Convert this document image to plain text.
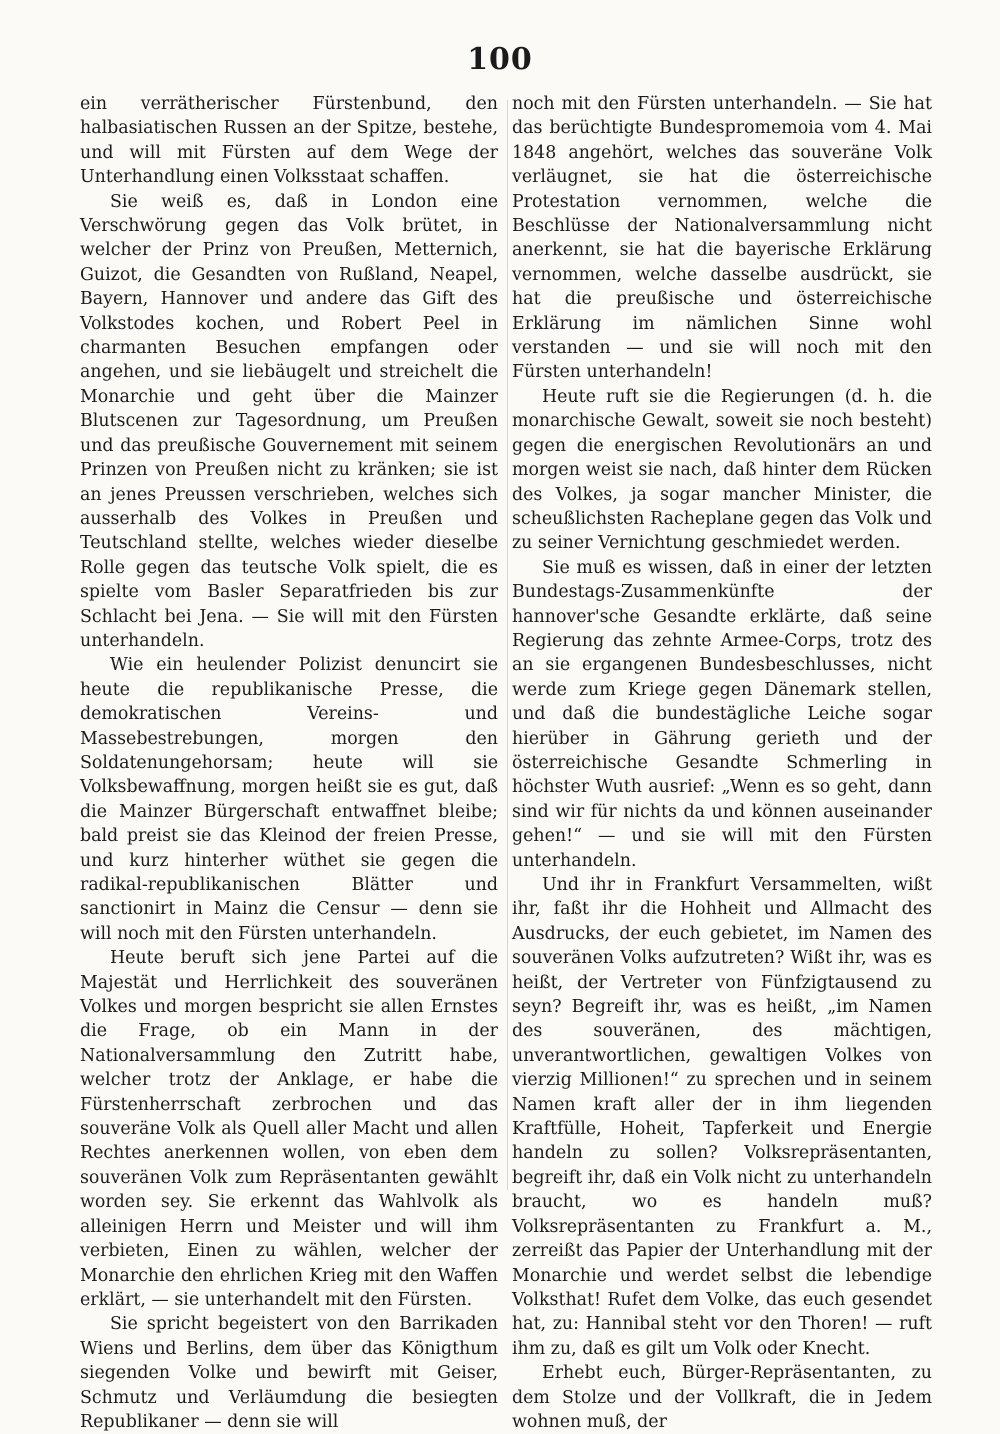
100

ein verrätherischer Fürstenbund, den halbasiatischen Russen an der Spitze, bestehe, und will mit Fürsten auf dem Wege der Unterhandlung einen Volksstaat schaffen.

Sie weiß es, daß in London eine Verschwörung gegen das Volk brütet, in welcher der Prinz von Preußen, Metternich, Guizot, die Gesandten von Rußland, Neapel, Bayern, Hannover und andere das Gift des Volkstodes kochen, und Robert Peel in charmanten Besuchen empfangen oder angehen, und sie liebäugelt und streichelt die Monarchie und geht über die Mainzer Blutscenen zur Tagesordnung, um Preußen und das preußische Gouvernement mit seinem Prinzen von Preußen nicht zu kränken; sie ist an jenes Preussen verschrieben, welches sich ausserhalb des Volkes in Preußen und Teutschland stellte, welches wieder dieselbe Rolle gegen das teutsche Volk spielt, die es spielte vom Basler Separatfrieden bis zur Schlacht bei Jena. — Sie will mit den Fürsten unterhandeln.

Wie ein heulender Polizist denuncirt sie heute die republikanische Presse, die demokratischen Vereins- und Massebestrebungen, morgen den Soldatenungehorsam; heute will sie Volksbewaffnung, morgen heißt sie es gut, daß die Mainzer Bürgerschaft entwaffnet bleibe; bald preist sie das Kleinod der freien Presse, und kurz hinterher wüthet sie gegen die radikal-republikanischen Blätter und sanctionirt in Mainz die Censur — denn sie will noch mit den Fürsten unterhandeln.

Heute beruft sich jene Partei auf die Majestät und Herrlichkeit des souveränen Volkes und morgen bespricht sie allen Ernstes die Frage, ob ein Mann in der Nationalversammlung den Zutritt habe, welcher trotz der Anklage, er habe die Fürstenherrschaft zerbrochen und das souveräne Volk als Quell aller Macht und allen Rechtes anerkennen wollen, von eben dem souveränen Volk zum Repräsentanten gewählt worden sey. Sie erkennt das Wahlvolk als alleinigen Herrn und Meister und will ihm verbieten, Einen zu wählen, welcher der Monarchie den ehrlichen Krieg mit den Waffen erklärt, — sie unterhandelt mit den Fürsten.

Sie spricht begeistert von den Barrikaden Wiens und Berlins, dem über das Königthum siegenden Volke und bewirft mit Geiser, Schmutz und Verläumdung die besiegten Republikaner — denn sie will

noch mit den Fürsten unterhandeln. — Sie hat das berüchtigte Bundespromemoia vom 4. Mai 1848 angehört, welches das souveräne Volk verläugnet, sie hat die österreichische Protestation vernommen, welche die Beschlüsse der Nationalversammlung nicht anerkennt, sie hat die bayerische Erklärung vernommen, welche dasselbe ausdrückt, sie hat die preußische und österreichische Erklärung im nämlichen Sinne wohl verstanden — und sie will noch mit den Fürsten unterhandeln!

Heute ruft sie die Regierungen (d. h. die monarchische Gewalt, soweit sie noch besteht) gegen die energischen Revolutionärs an und morgen weist sie nach, daß hinter dem Rücken des Volkes, ja sogar mancher Minister, die scheußlichsten Racheplane gegen das Volk und zu seiner Vernichtung geschmiedet werden.

Sie muß es wissen, daß in einer der letzten Bundestags-Zusammenkünfte der hannover'sche Gesandte erklärte, daß seine Regierung das zehnte Armee-Corps, trotz des an sie ergangenen Bundesbeschlusses, nicht werde zum Kriege gegen Dänemark stellen, und daß die bundestägliche Leiche sogar hierüber in Gährung gerieth und der österreichische Gesandte Schmerling in höchster Wuth ausrief: „Wenn es so geht, dann sind wir für nichts da und können auseinander gehen!“ — und sie will mit den Fürsten unterhandeln.

Und ihr in Frankfurt Versammelten, wißt ihr, faßt ihr die Hohheit und Allmacht des Ausdrucks, der euch gebietet, im Namen des souveränen Volks aufzutreten? Wißt ihr, was es heißt, der Vertreter von Fünfzigtausend zu seyn? Begreift ihr, was es heißt, „im Namen des souveränen, des mächtigen, unverantwortlichen, gewaltigen Volkes von vierzig Millionen!“ zu sprechen und in seinem Namen kraft aller der in ihm liegenden Kraftfülle, Hoheit, Tapferkeit und Energie handeln zu sollen? Volksrepräsentanten, begreift ihr, daß ein Volk nicht zu unterhandeln braucht, wo es handeln muß? Volksrepräsentanten zu Frankfurt a. M., zerreißt das Papier der Unterhandlung mit der Monarchie und werdet selbst die lebendige Volksthat! Rufet dem Volke, das euch gesendet hat, zu: Hannibal steht vor den Thoren! — ruft ihm zu, daß es gilt um Volk oder Knecht.

Erhebt euch, Bürger-Repräsentanten, zu dem Stolze und der Vollkraft, die in Jedem wohnen muß, der
